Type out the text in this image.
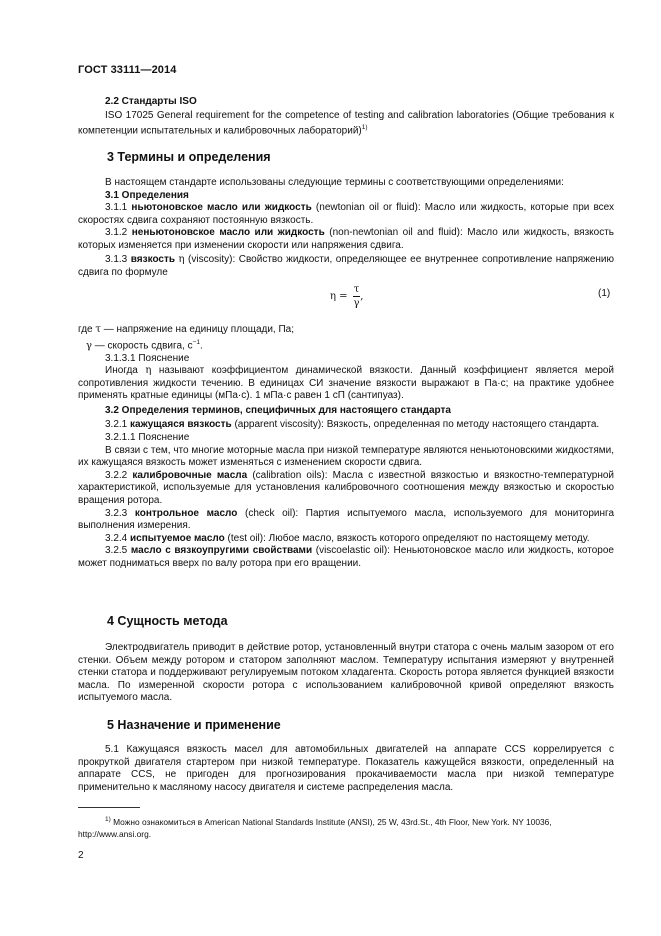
ГОСТ 33111—2014

2.2 Стандарты ISO

ISO 17025 General requirement for the competence of testing and calibration laboratories (Общие требования к компетенции испытательных и калибровочных лабораторий)$^{1)}$

3 Термины и определения

В настоящем стандарте использованы следующие термины с соответствующими определениями:

3.1 Определения

3.1.1 ньютоновское масло или жидкость (newtonian oil or fluid): Масло или жидкость, которые при всех скоростях сдвига сохраняют постоянную вязкость.

3.1.2 неньютоновское масло или жидкость (non-newtonian oil and fluid): Масло или жидкость, вязкость которых изменяется при изменении скорости или напряжения сдвига.

3.1.3 вязкость η (viscosity): Свойство жидкости, определяющее ее внутреннее сопротивление напряжению сдвига по формуле

$\eta = \frac{\tau}{\gamma}$ ,	(1)

где τ — напряжение на единицу площади, Па;

γ — скорость сдвига, $с^{-1}$.

3.1.3.1 Пояснение

Иногда η называют коэффициентом динамической вязкости. Данный коэффициент является мерой сопротивления жидкости течению. В единицах СИ значение вязкости выражают в Па·с; на практике удобнее применять кратные единицы (мПа·с). 1 мПа·с равен 1 сП (сантипуаз).

3.2 Определения терминов, специфичных для настоящего стандарта

3.2.1 кажущаяся вязкость (apparent viscosity): Вязкость, определенная по методу настоящего стандарта.

3.2.1.1 Пояснение

В связи с тем, что многие моторные масла при низкой температуре являются неньютоновскими жидкостями, их кажущаяся вязкость может изменяться с изменением скорости сдвига.

3.2.2 калибровочные масла (calibration oils): Масла с известной вязкостью и вязкостно-температурной характеристикой, используемые для установления калибровочного соотношения между вязкостью и скоростью вращения ротора.

3.2.3 контрольное масло (check oil): Партия испытуемого масла, используемого для мониторинга выполнения измерения.

3.2.4 испытуемое масло (test oil): Любое масло, вязкость которого определяют по настоящему методу.

3.2.5 масло с вязкоупругими свойствами (viscoelastic oil): Неньютоновское масло или жидкость, которое может подниматься вверх по валу ротора при его вращении.

4 Сущность метода

Электродвигатель приводит в действие ротор, установленный внутри статора с очень малым зазором от его стенки. Объем между ротором и статором заполняют маслом. Температуру испытания измеряют у внутренней стенки статора и поддерживают регулируемым потоком хладагента. Скорость ротора является функцией вязкости масла. По измеренной скорости ротора с использованием калибровочной кривой определяют вязкость испытуемого масла.

5 Назначение и применение

5.1 Кажущаяся вязкость масел для автомобильных двигателей на аппарате CCS коррелируется с прокруткой двигателя стартером при низкой температуре. Показатель кажущейся вязкости, определенный на аппарате CCS, не пригоден для прогнозирования прокачиваемости масла при низкой температуре применительно к масляному насосу двигателя и системе распределения масла.

$^{1)}$ Можно ознакомиться в American National Standards Institute (ANSI), 25 W, 43rd.St., 4th Floor, New York. NY 10036, http://www.ansi.org.
2
